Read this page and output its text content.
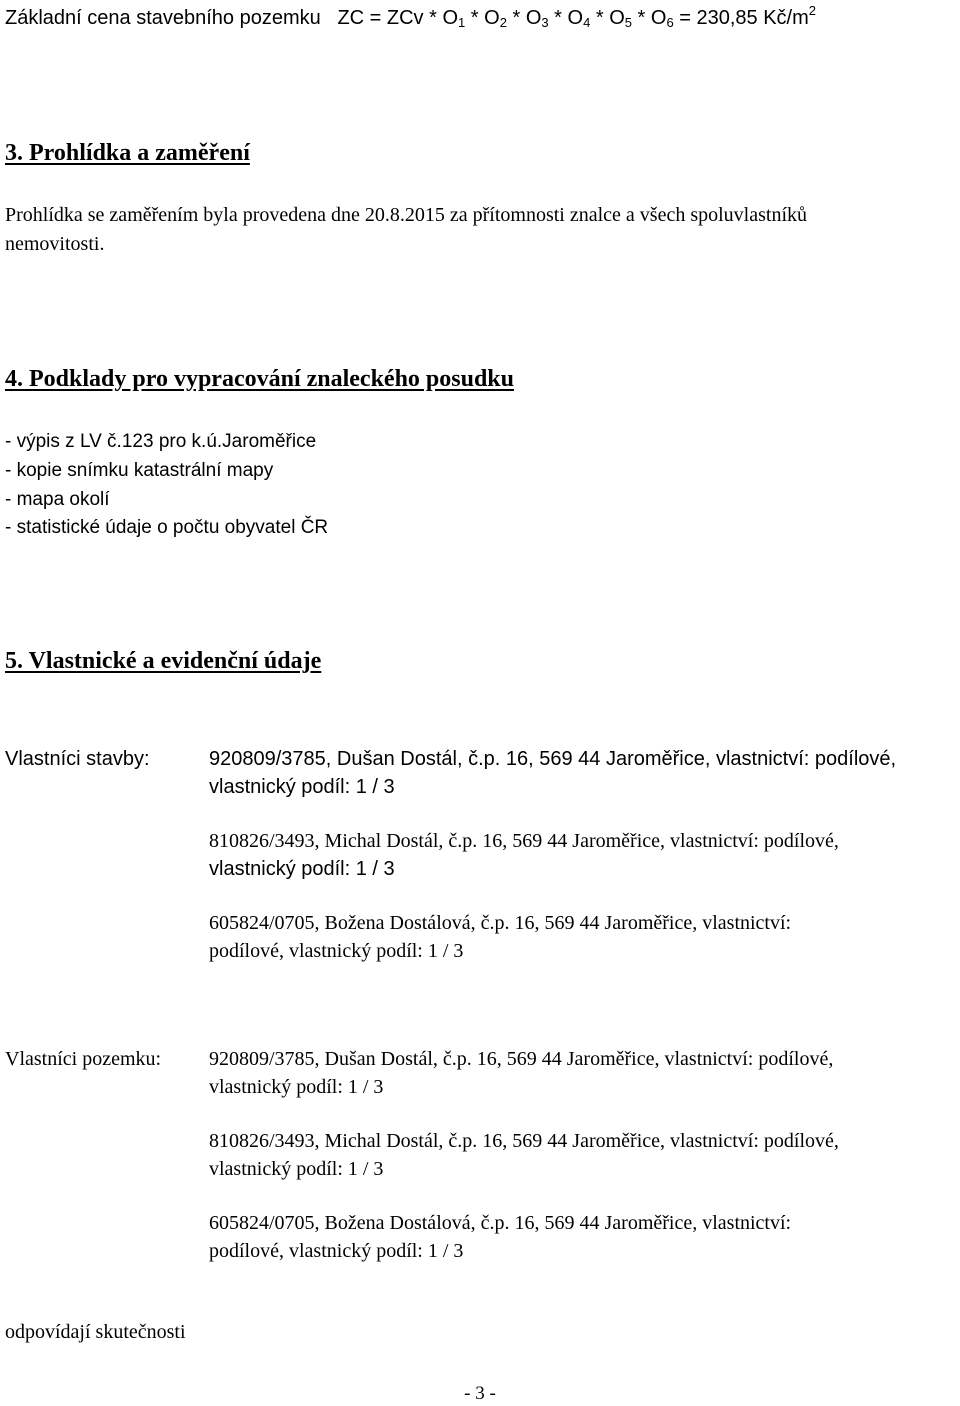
Základní cena stavebního pozemku ZC = ZCv * $O_1 * O_2 * O_3 * O_4 * O_5 * O_6 = 230,85$ $Kč/m^2$
3. Prohlídka a zaměření
Prohlídka se zaměřením byla provedena dne 20.8.2015 za přítomnosti znalce a všech spoluvlastníků
nemovitosti.
4. Podklady pro vypracování znaleckého posudku
- výpis z LV č.123 pro k.ú.Jaroměřice
- kopie snímku katastrální mapy
- mapa okolí
- statistické údaje o počtu obyvatel ČR
5. Vlastnické a evidenční údaje
Vlastníci stavby:	920809/3785, Dušan Dostál, č.p. 16, 569 44 Jaroměřice, vlastnictví: podílové,
vlastnický podíl: 1 / 3
810826/3493, Michal Dostál, č.p. 16, 569 44 Jaroměřice, vlastnictví: podílové,
vlastnický podíl: 1 / 3
605824/0705, Božena Dostálová, č.p. 16, 569 44 Jaroměřice, vlastnictví:
podílové, vlastnický podíl: 1 / 3
Vlastníci pozemku: 920809/3785, Dušan Dostál, č.p. 16, 569 44 Jaroměřice, vlastnictví: podílové,
vlastnický podíl: 1 / 3
810826/3493, Michal Dostál, č.p. 16, 569 44 Jaroměřice, vlastnictví: podílové,
vlastnický podíl: 1 / 3
605824/0705, Božena Dostálová, č.p. 16, 569 44 Jaroměřice, vlastnictví:
podílové, vlastnický podíl: 1 / 3
odpovídají skutečnosti
- 3 -
